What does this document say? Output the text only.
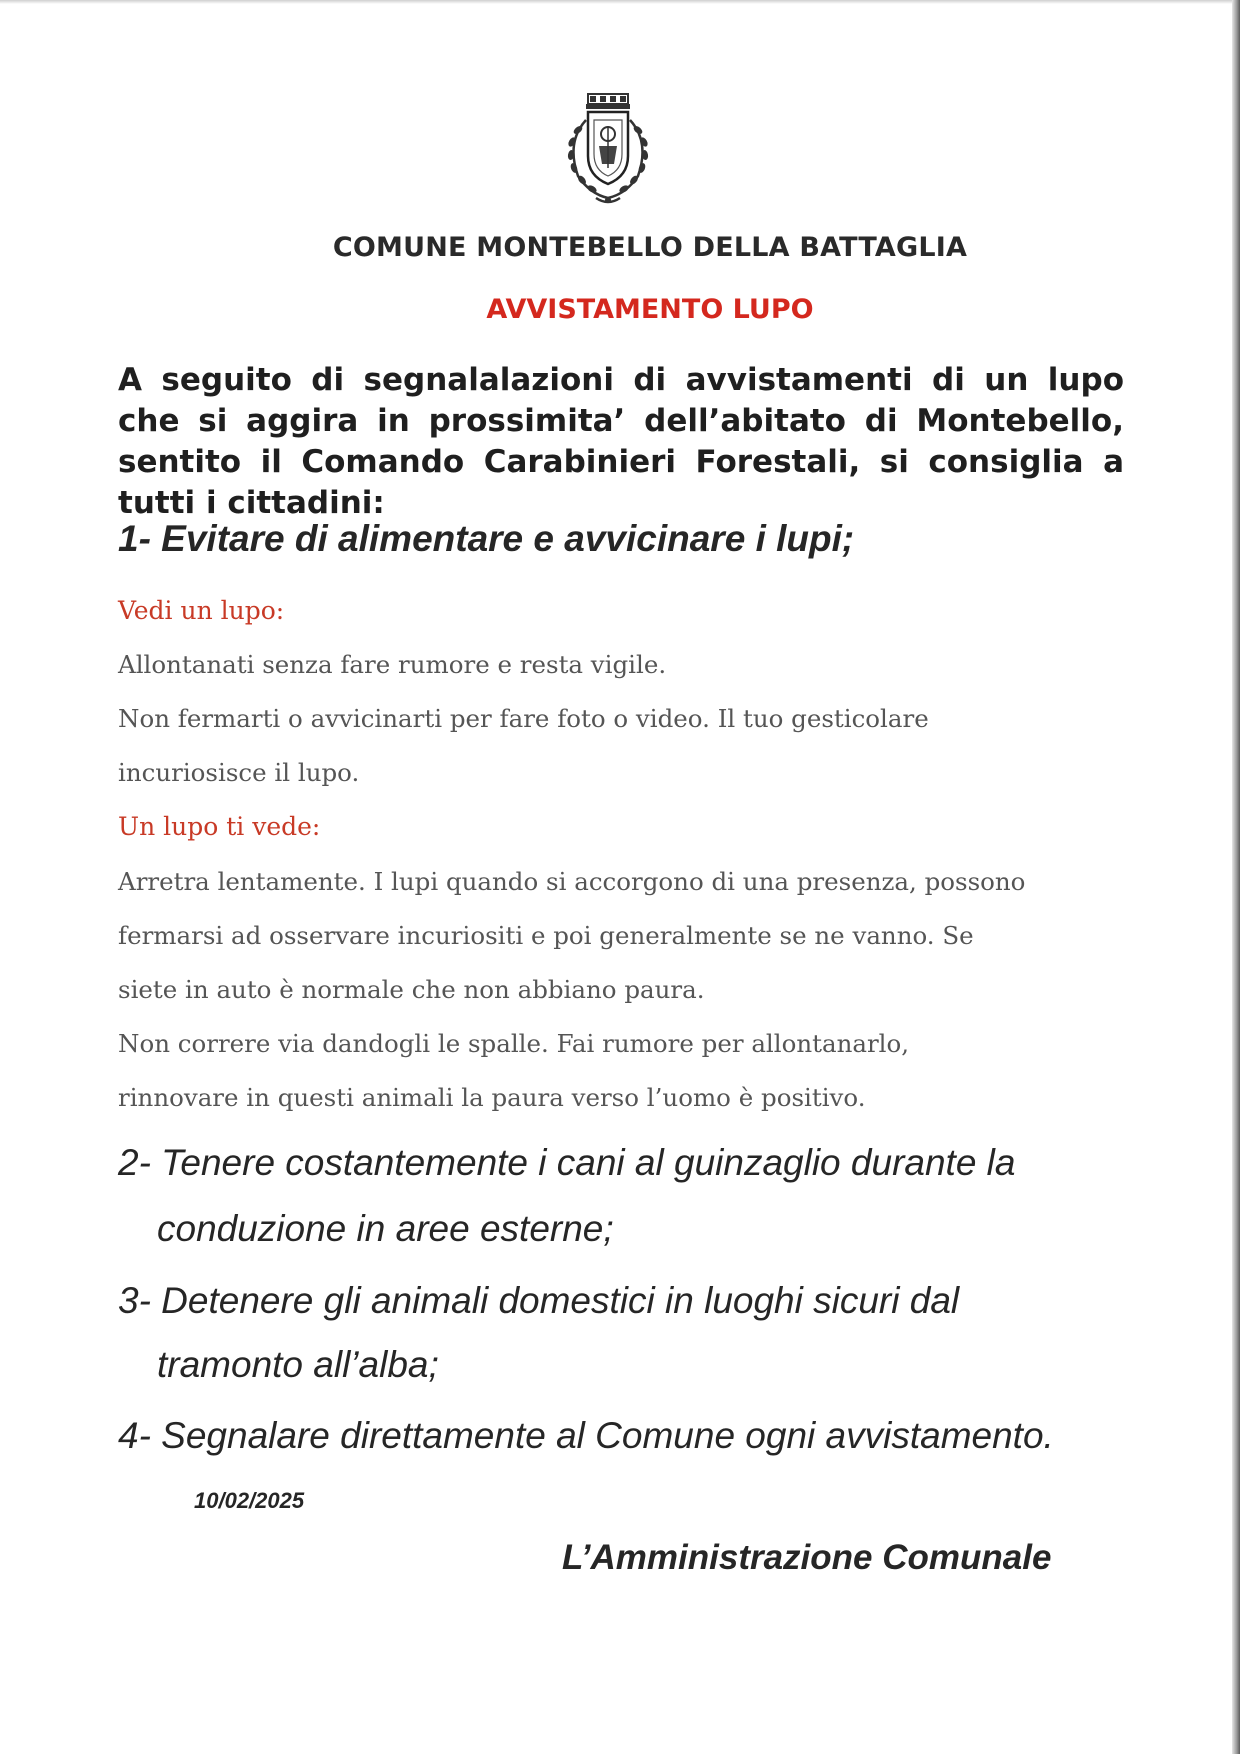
COMUNE MONTEBELLO DELLA BATTAGLIA
AVVISTAMENTO LUPO
A seguito di segnalalazioni di avvistamenti di un lupo che si aggira in prossimita’ dell’abitato di Montebello, sentito il Comando Carabinieri Forestali, si consiglia a tutti i cittadini:
1- Evitare di alimentare e avvicinare i lupi;
Vedi un lupo:
Allontanati senza fare rumore e resta vigile.
Non fermarti o avvicinarti per fare foto o video. Il tuo gesticolare
incuriosisce il lupo.
Un lupo ti vede:
Arretra lentamente. I lupi quando si accorgono di una presenza, possono
fermarsi ad osservare incuriositi e poi generalmente se ne vanno. Se
siete in auto è normale che non abbiano paura.
Non correre via dandogli le spalle. Fai rumore per allontanarlo,
rinnovare in questi animali la paura verso l’uomo è positivo.
2- Tenere costantemente i cani al guinzaglio durante la
conduzione in aree esterne;
3- Detenere gli animali domestici in luoghi sicuri dal
tramonto all’alba;
4- Segnalare direttamente al Comune ogni avvistamento.
10/02/2025
L’Amministrazione Comunale
